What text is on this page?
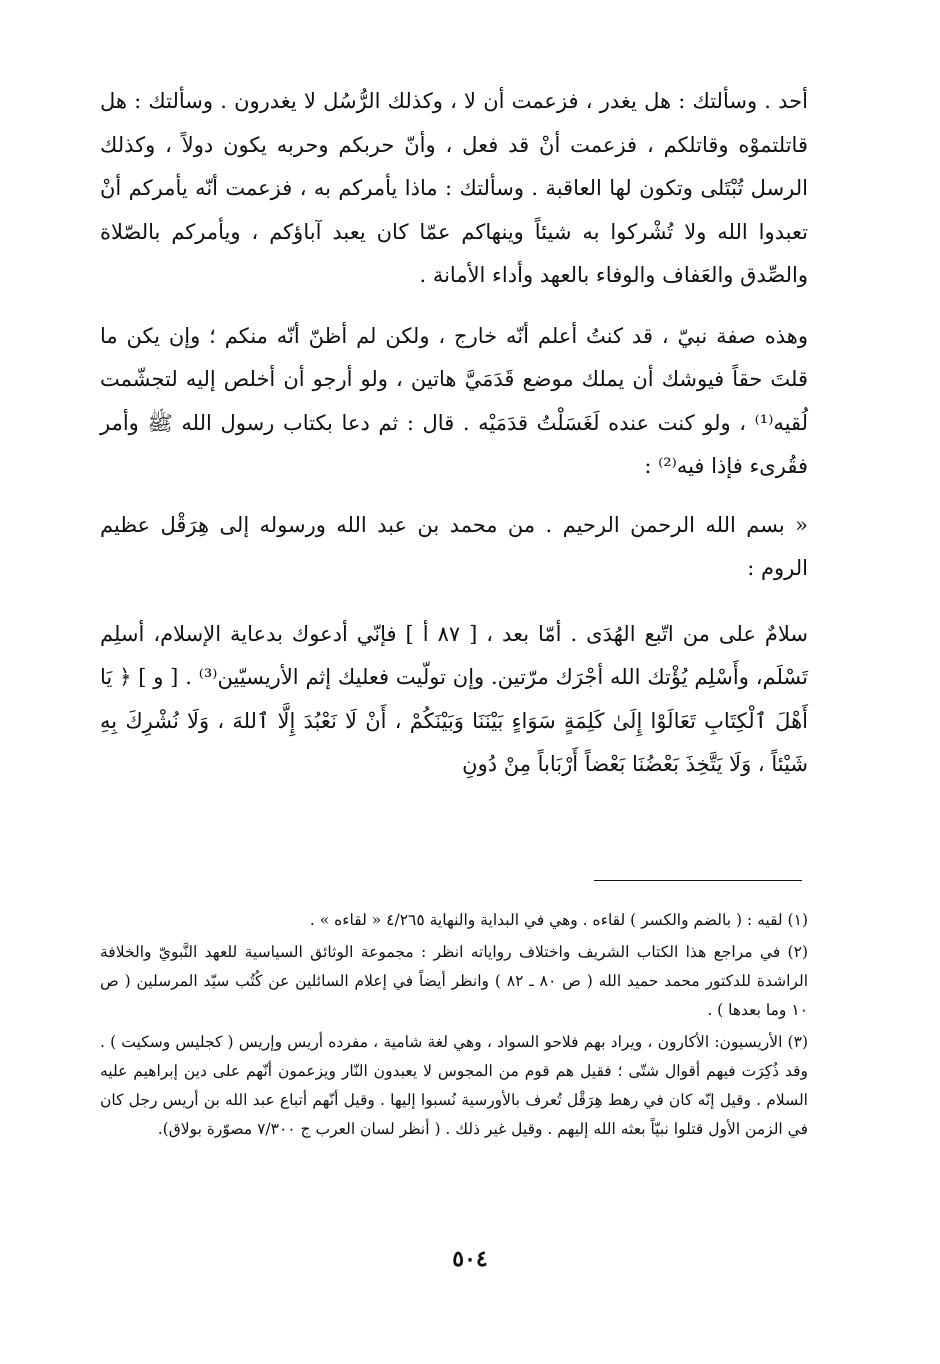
أحد . وسألتك : هل يغدر ، فزعمت أن لا ، وكذلك الرُّسُل لا يغدرون . وسألتك : هل قاتلتموْه وقاتلكم ، فزعمت أنْ قد فعل ، وأنّ حربكم وحربه يكون دولاً ، وكذلك الرسل تُبْتَلى وتكون لها العاقبة . وسألتك : ماذا يأمركم به ، فزعمت أنّه يأمركم أنْ تعبدوا الله ولا تُشْركوا به شيئاً وينهاكم عمّا كان يعبد آباؤكم ، ويأمركم بالصّلاة والصِّدق والعَفاف والوفاء بالعهد وأداء الأمانة .

وهذه صفة نبيّ ، قد كنتُ أعلم أنّه خارج ، ولكن لم أظنّ أنّه منكم ؛ وإن يكن ما قلتَ حقاً فيوشك أن يملك موضع قَدَمَيَّ هاتين ، ولو أرجو أن أخلص إليه لتجشّمت لُقيه⁽¹⁾ ، ولو كنت عنده لَغَسَلْتُ قدَمَيْه . قال : ثم دعا بكتاب رسول الله ﷺ وأمر فقُرىء فإذا فيه⁽²⁾ :

« بسم الله الرحمن الرحيم . من محمد بن عبد الله ورسوله إلى هِرَقْل عظيم الروم :

سلامٌ على من اتّبع الهُدَى . أمّا بعد ، [ ٨٧ أ ] فإنّي أدعوك بدعاية الإسلام، أسلِم تَسْلَم، وأَسْلِم يُؤْتك الله أجْرَك مرّتين. وإن تولّيت فعليك إثم الأريسيّين⁽³⁾ . [ و ] ﴿ يَا أَهْلَ ٱلْكِتَابِ تَعَالَوْا إِلَىٰ كَلِمَةٍ سَوَاءٍ بَيْنَنَا وَبَيْنَكُمْ ، أَنْ لَا نَعْبُدَ إِلَّا ٱللهَ ، وَلَا نُشْرِكَ بِهِ شَيْئاً ، وَلَا يَتَّخِذَ بَعْضُنَا بَعْضاً أَرْبَاباً مِنْ دُونِ

(١) لقيه : ( بالضم والكسر ) لقاءه . وهي في البداية والنهاية ٤/٢٦٥ « لقاءه » .

(٢) في مراجع هذا الكتاب الشريف واختلاف رواياته انظر : مجموعة الوثائق السياسية للعهد النَّبويّ والخلافة الراشدة للدكتور محمد حميد الله ( ص ٨٠ ـ ٨٢ ) وانظر أيضاً في إعلام السائلين عن كُتُب سيّد المرسلين ( ص ١٠ وما بعدها ) .

(٣) الأريسيون: الأكارون ، ويراد بهم فلاحو السواد ، وهي لغة شامية ، مفرده أريس وإريس ( كجليس وسكيت ) . وقد ذُكِرَت فيهم أقوال شتّى ؛ فقيل هم قوم من المجوس لا يعبدون النّار ويزعمون أنّهم على دين إبراهيم عليه السلام . وقيل إنّه كان في رهط هِرَقْل تُعرف بالأورسية نُسبوا إليها . وقيل أنّهم أتباع عبد الله بن أريس رجل كان في الزمن الأول قتلوا نبيّاً بعثه الله إليهم . وقيل غير ذلك . ( أنظر لسان العرب ج ٧/٣٠٠ مصوّرة بولاق).

٥٠٤
